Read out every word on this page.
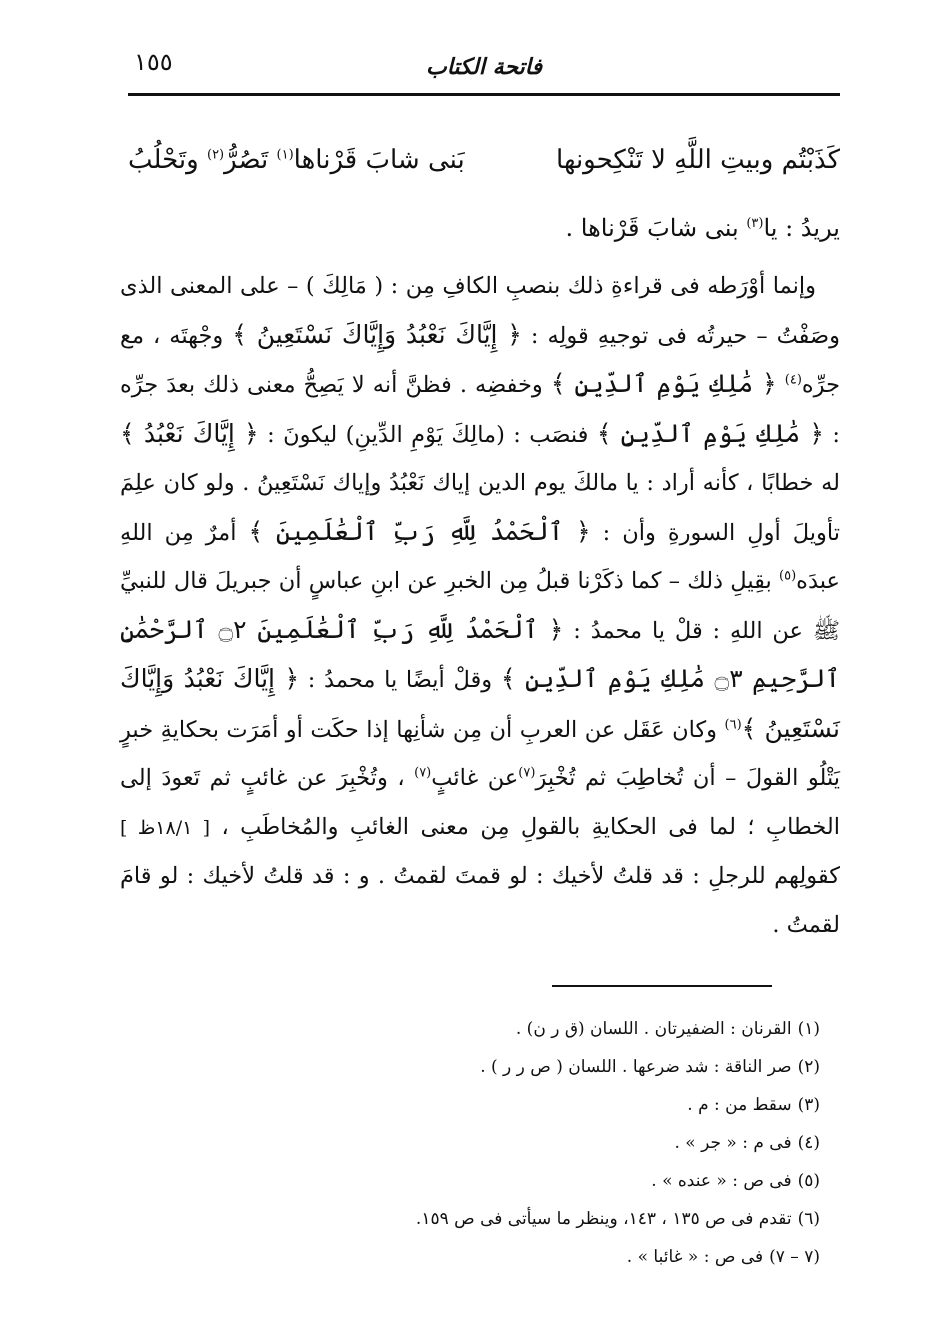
١٥٥	فاتحة الكتاب
كَذَبْتُم وبيتِ اللَّهِ لا تَنْكِحونها
بَنى شابَ قَرْناها$^{(١)}$ تَصُرُّ$^{(٢)}$ وتَحْلُبُ
يريدُ : يا$^{(٣)}$ بنى شابَ قَرْناها .

وإنما أوْرَطه فى قراءةِ ذلك بنصبِ الكافِ مِن : ( مَالِكَ ) – على المعنى الذى وصَفْتُ – حيرتُه فى توجيهِ قولِه : ﴿ إِيَّاكَ نَعْبُدُ وَإِيَّاكَ نَسْتَعِينُ ﴾ وجْهتَه ، مع جرِّه$^{(٤)}$ ﴿ مَٰلِكِ يَوْمِ ٱلدِّينِ ﴾ وخفضِه . فظنَّ أنه لا يَصِحُّ معنى ذلك بعدَ جرِّه : ﴿ مَٰلِكِ يَوْمِ ٱلدِّينِ ﴾ فنصَب : (مالِكَ يَوْمِ الدِّينِ) ليكونَ : ﴿ إِيَّاكَ نَعْبُدُ ﴾ له خطابًا ، كأنه أراد : يا مالكَ يوم الدين إياك نَعْبُدُ وإياك نَسْتَعِينُ . ولو كان علِمَ تأويلَ أولِ السورةِ وأن : ﴿ ٱلْحَمْدُ لِلَّهِ رَبِّ ٱلْعَٰلَمِينَ ﴾ أمرٌ مِن اللهِ عبدَه$^{(٥)}$ بقِيلِ ذلك – كما ذكَرْنا قبلُ مِن الخبرِ عن ابنِ عباسٍ أن جبريلَ قال للنبيِّ ﷺ عن اللهِ : قلْ يا محمدُ : ﴿ ٱلْحَمْدُ لِلَّهِ رَبِّ ٱلْعَٰلَمِينَ ۝٢ ٱلرَّحْمَٰنِ ٱلرَّحِيمِ ۝٣ مَٰلِكِ يَوْمِ ٱلدِّينِ ﴾ وقلْ أيضًا يا محمدُ : ﴿ إِيَّاكَ نَعْبُدُ وَإِيَّاكَ نَسْتَعِينُ ﴾$^{(٦)}$ وكان عَقَل عن العربِ أن مِن شأنِها إذا حكَت أو أمَرَت بحكايةِ خبرٍ يَتْلُو القولَ – أن تُخاطِبَ ثم تُخْبِرَ$^{(٧)}$عن غائبٍ$^{(٧)}$ ، وتُخْبِرَ عن غائبٍ ثم تَعودَ إلى الخطابِ ؛ لما فى الحكايةِ بالقولِ مِن معنى الغائبِ والمُخاطَبِ ، [ ١٨/١ظ ] كقولِهم للرجلِ : قد قلتُ لأخيك : لو قمتَ لقمتُ . و : قد قلتُ لأخيك : لو قامَ لقمتُ .

(١)القرنان : الضفيرتان . اللسان (ق ر ن) .
(٢)صر الناقة : شد ضرعها . اللسان ( ص ر ر ) .
(٣)سقط من : م .
(٤)فى م : « جر » .
(٥)فى ص : « عنده » .
(٦)تقدم فى ص ١٣٥ ، ١٤٣، وينظر ما سيأتى فى ص ١٥٩.
(٧ – ٧)فى ص : « غائبا » .
